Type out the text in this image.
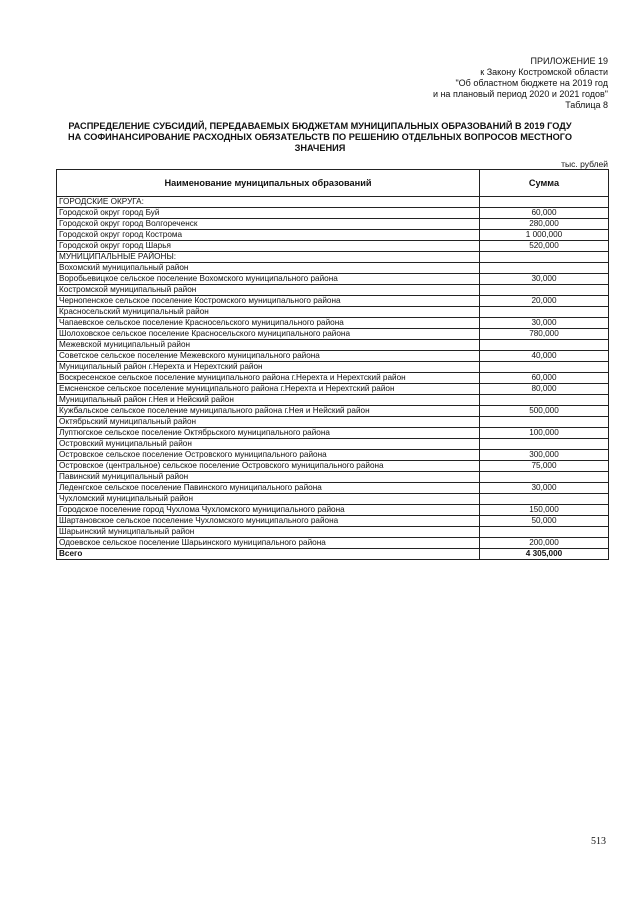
ПРИЛОЖЕНИЕ 19
к Закону Костромской области
"Об областном бюджете на 2019 год
и на плановый период 2020 и 2021 годов"
Таблица 8
РАСПРЕДЕЛЕНИЕ СУБСИДИЙ, ПЕРЕДАВАЕМЫХ БЮДЖЕТАМ МУНИЦИПАЛЬНЫХ ОБРАЗОВАНИЙ В 2019 ГОДУ
НА СОФИНАНСИРОВАНИЕ РАСХОДНЫХ ОБЯЗАТЕЛЬСТВ ПО РЕШЕНИЮ ОТДЕЛЬНЫХ ВОПРОСОВ МЕСТНОГО
ЗНАЧЕНИЯ
тыс. рублей
Наименование муниципальных образований	Сумма
ГОРОДСКИЕ ОКРУГА:	
Городской округ город Буй	60,000
Городской округ город Волгореченск	280,000
Городской округ город Кострома	1 000,000
Городской округ город Шарья	520,000
МУНИЦИПАЛЬНЫЕ РАЙОНЫ:	
Вохомский муниципальный район	
Воробьевицкое сельское поселение Вохомского муниципального района	30,000
Костромской муниципальный район	
Чернопенское сельское поселение Костромского муниципального района	20,000
Красносельский муниципальный район	
Чапаевское сельское поселение Красносельского муниципального района	30,000
Шолоховское сельское поселение Красносельского муниципального района	780,000
Межевской муниципальный район	
Советское сельское поселение Межевского муниципального района	40,000
Муниципальный район г.Нерехта и Нерехтский район	
Воскресенское сельское поселение муниципального района г.Нерехта и Нерехтский район	60,000
Емсненское сельское поселение муниципального района г.Нерехта и Нерехтский район	80,000
Муниципальный район г.Нея и Нейский район	
Кужбальское сельское поселение муниципального района г.Нея и Нейский район	500,000
Октябрьский муниципальный район	
Луптюгское сельское поселение Октябрьского муниципального района	100,000
Островский муниципальный район	
Островское сельское поселение Островского муниципального района	300,000
Островское (центральное) сельское поселение Островского муниципального района	75,000
Павинский муниципальный район	
Леденгское сельское поселение Павинского муниципального района	30,000
Чухломский муниципальный район	
Городское поселение город Чухлома Чухломского муниципального района	150,000
Шартановское сельское поселение Чухломского муниципального района	50,000
Шарьинский муниципальный район	
Одоевское сельское поселение Шарьинского муниципального района	200,000
Всего	4 305,000
513
